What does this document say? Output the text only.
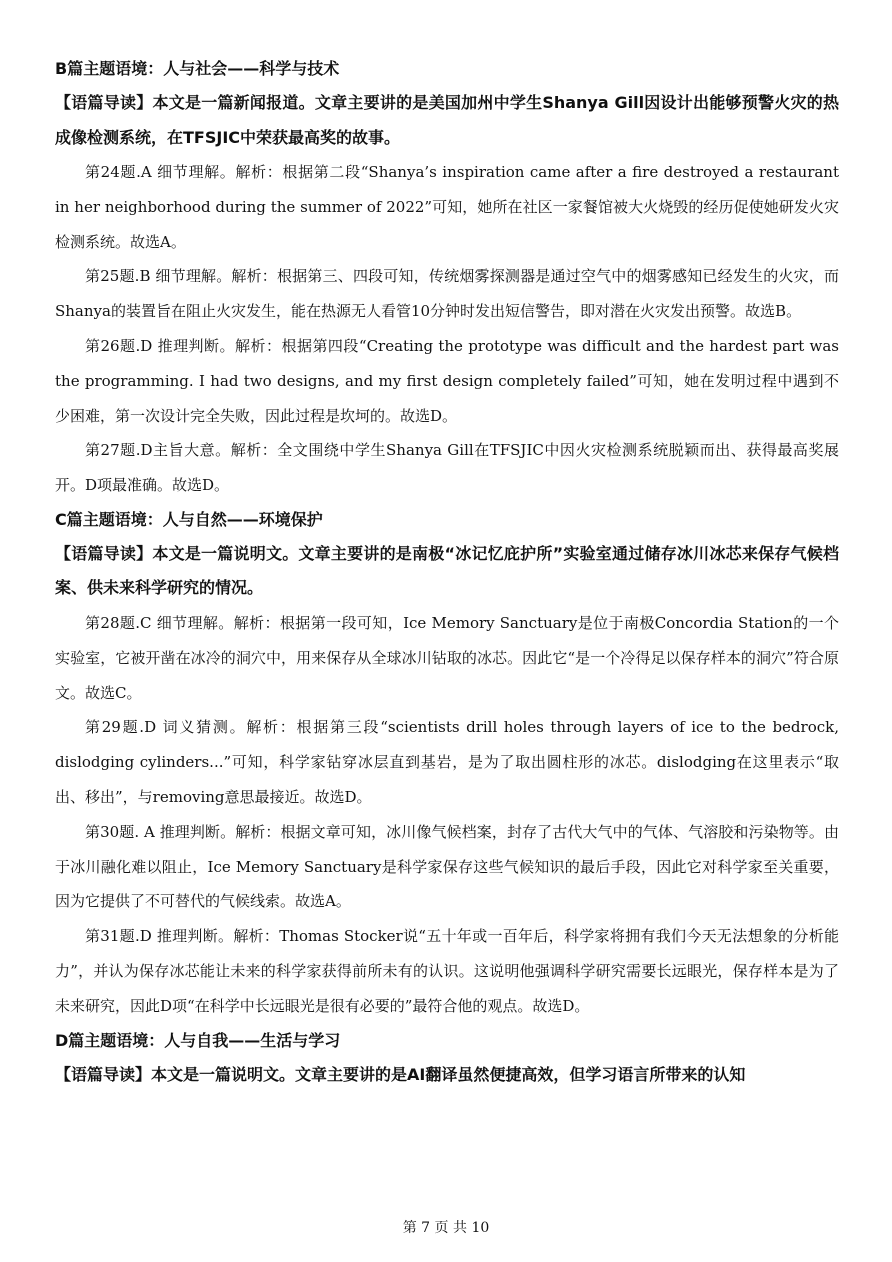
B篇主题语境：人与社会——科学与技术

【语篇导读】本文是一篇新闻报道。文章主要讲的是美国加州中学生Shanya Gill因设计出能够预警火灾的热成像检测系统，在TFSJIC中荣获最高奖的故事。

第24题.A 细节理解。解析：根据第二段“Shanya’s inspiration came after a fire destroyed a restaurant in her neighborhood during the summer of 2022”可知，她所在社区一家餐馆被大火烧毁的经历促使她研发火灾检测系统。故选A。

第25题.B 细节理解。解析：根据第三、四段可知，传统烟雾探测器是通过空气中的烟雾感知已经发生的火灾，而Shanya的装置旨在阻止火灾发生，能在热源无人看管10分钟时发出短信警告，即对潜在火灾发出预警。故选B。

第26题.D 推理判断。解析：根据第四段“Creating the prototype was difficult and the hardest part was the programming. I had two designs, and my first design completely failed”可知，她在发明过程中遇到不少困难，第一次设计完全失败，因此过程是坎坷的。故选D。

第27题.D主旨大意。解析：全文围绕中学生Shanya Gill在TFSJIC中因火灾检测系统脱颖而出、获得最高奖展开。D项最准确。故选D。

C篇主题语境：人与自然——环境保护

【语篇导读】本文是一篇说明文。文章主要讲的是南极“冰记忆庇护所”实验室通过储存冰川冰芯来保存气候档案、供未来科学研究的情况。

第28题.C 细节理解。解析：根据第一段可知，Ice Memory Sanctuary是位于南极Concordia Station的一个实验室，它被开凿在冰冷的洞穴中，用来保存从全球冰川钻取的冰芯。因此它“是一个冷得足以保存样本的洞穴”符合原文。故选C。

第29题.D 词义猜测。解析：根据第三段“scientists drill holes through layers of ice to the bedrock, dislodging cylinders...”可知，科学家钻穿冰层直到基岩，是为了取出圆柱形的冰芯。dislodging在这里表示“取出、移出”，与removing意思最接近。故选D。

第30题. A 推理判断。解析：根据文章可知，冰川像气候档案，封存了古代大气中的气体、气溶胶和污染物等。由于冰川融化难以阻止，Ice Memory Sanctuary是科学家保存这些气候知识的最后手段，因此它对科学家至关重要，因为它提供了不可替代的气候线索。故选A。

第31题.D 推理判断。解析：Thomas Stocker说“五十年或一百年后，科学家将拥有我们今天无法想象的分析能力”，并认为保存冰芯能让未来的科学家获得前所未有的认识。这说明他强调科学研究需要长远眼光，保存样本是为了未来研究，因此D项“在科学中长远眼光是很有必要的”最符合他的观点。故选D。

D篇主题语境：人与自我——生活与学习

【语篇导读】本文是一篇说明文。文章主要讲的是AI翻译虽然便捷高效，但学习语言所带来的认知

第 7 页 共 10
